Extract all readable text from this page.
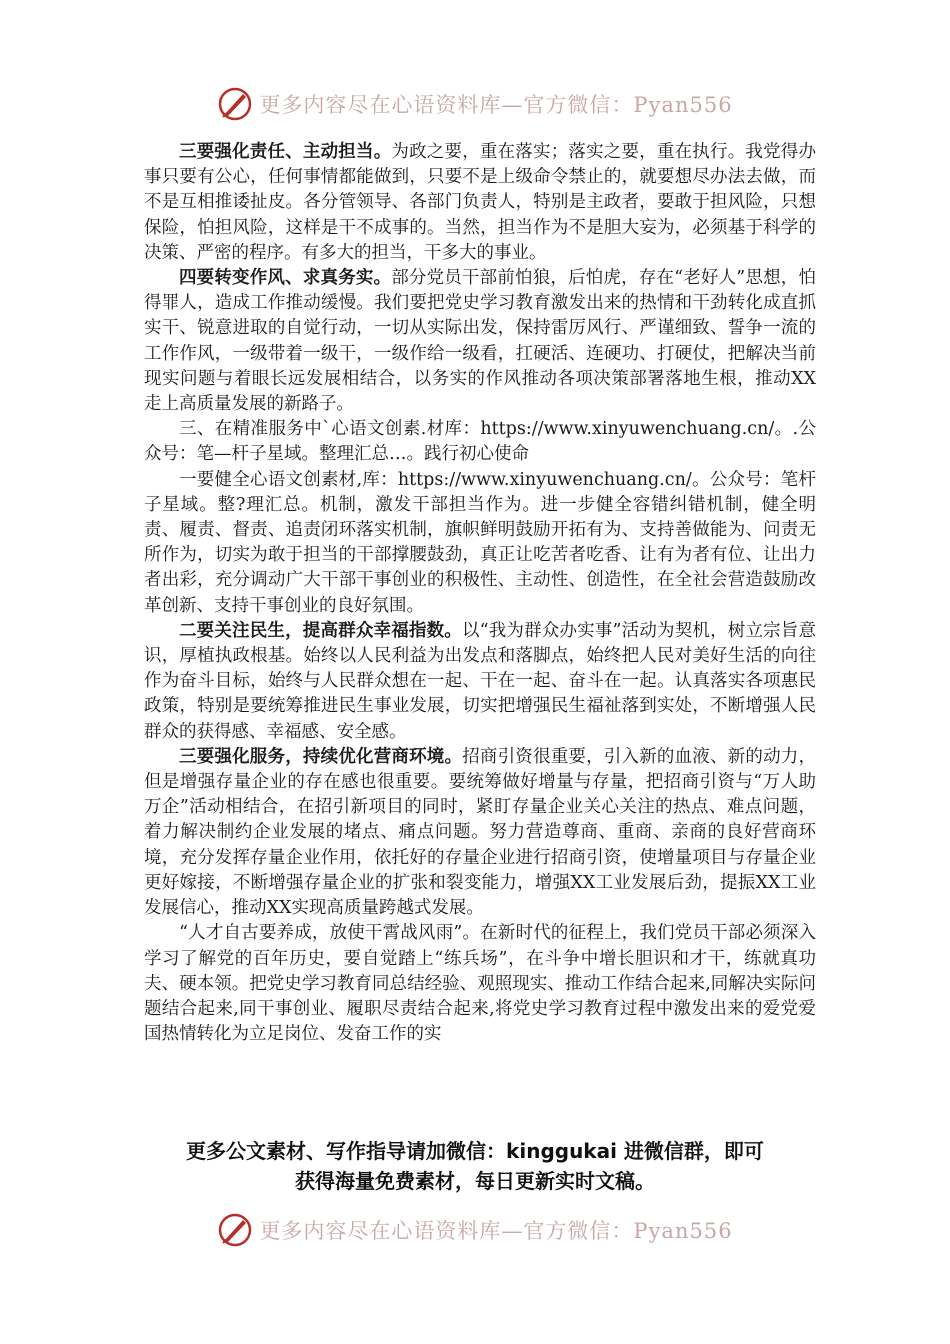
更多内容尽在心语资料库—官方微信：Pyan556

三要强化责任、主动担当。为政之要，重在落实；落实之要，重在执行。我党得办事只要有公心，任何事情都能做到，只要不是上级命令禁止的，就要想尽办法去做，而不是互相推诿扯皮。各分管领导、各部门负责人，特别是主政者，要敢于担风险，只想保险，怕担风险，这样是干不成事的。当然，担当作为不是胆大妄为，必须基于科学的决策、严密的程序。有多大的担当，干多大的事业。

四要转变作风、求真务实。部分党员干部前怕狼，后怕虎，存在“老好人”思想，怕得罪人，造成工作推动缓慢。我们要把党史学习教育激发出来的热情和干劲转化成直抓实干、锐意进取的自觉行动，一切从实际出发，保持雷厉风行、严谨细致、誓争一流的工作作风，一级带着一级干，一级作给一级看，扛硬活、连硬功、打硬仗，把解决当前现实问题与着眼长远发展相结合，以务实的作风推动各项决策部署落地生根，推动XX走上高质量发展的新路子。

三、在精准服务中`心语文创素.材库：https://www.xinyuwenchuang.cn/。.公众号：笔—杆子星域。整理汇总…。践行初心使命

一要健全心语文创素材,库：https://www.xinyuwenchuang.cn/。公众号：笔杆子星域。整?理汇总。机制，激发干部担当作为。进一步健全容错纠错机制，健全明责、履责、督责、追责闭环落实机制，旗帜鲜明鼓励开拓有为、支持善做能为、问责无所作为，切实为敢于担当的干部撑腰鼓劲，真正让吃苦者吃香、让有为者有位、让出力者出彩，充分调动广大干部干事创业的积极性、主动性、创造性，在全社会营造鼓励改革创新、支持干事创业的良好氛围。

二要关注民生，提高群众幸福指数。以“我为群众办实事”活动为契机，树立宗旨意识，厚植执政根基。始终以人民利益为出发点和落脚点，始终把人民对美好生活的向往作为奋斗目标，始终与人民群众想在一起、干在一起、奋斗在一起。认真落实各项惠民政策，特别是要统筹推进民生事业发展，切实把增强民生福祉落到实处，不断增强人民群众的获得感、幸福感、安全感。

三要强化服务，持续优化营商环境。招商引资很重要，引入新的血液、新的动力，但是增强存量企业的存在感也很重要。要统筹做好增量与存量，把招商引资与“万人助万企”活动相结合，在招引新项目的同时，紧盯存量企业关心关注的热点、难点问题，着力解决制约企业发展的堵点、痛点问题。努力营造尊商、重商、亲商的良好营商环境，充分发挥存量企业作用，依托好的存量企业进行招商引资，使增量项目与存量企业更好嫁接，不断增强存量企业的扩张和裂变能力，增强XX工业发展后劲，提振XX工业发展信心，推动XX实现高质量跨越式发展。

“人才自古要养成，放使干霄战风雨”。在新时代的征程上，我们党员干部必须深入学习了解党的百年历史，要自觉踏上“练兵场”，在斗争中增长胆识和才干，练就真功夫、硬本领。把党史学习教育同总结经验、观照现实、推动工作结合起来,同解决实际问题结合起来,同干事创业、履职尽责结合起来,将党史学习教育过程中激发出来的爱党爱国热情转化为立足岗位、发奋工作的实

更多公文素材、写作指导请加微信：kinggukai 进微信群，即可
获得海量免费素材，每日更新实时文稿。
更多内容尽在心语资料库—官方微信：Pyan556
